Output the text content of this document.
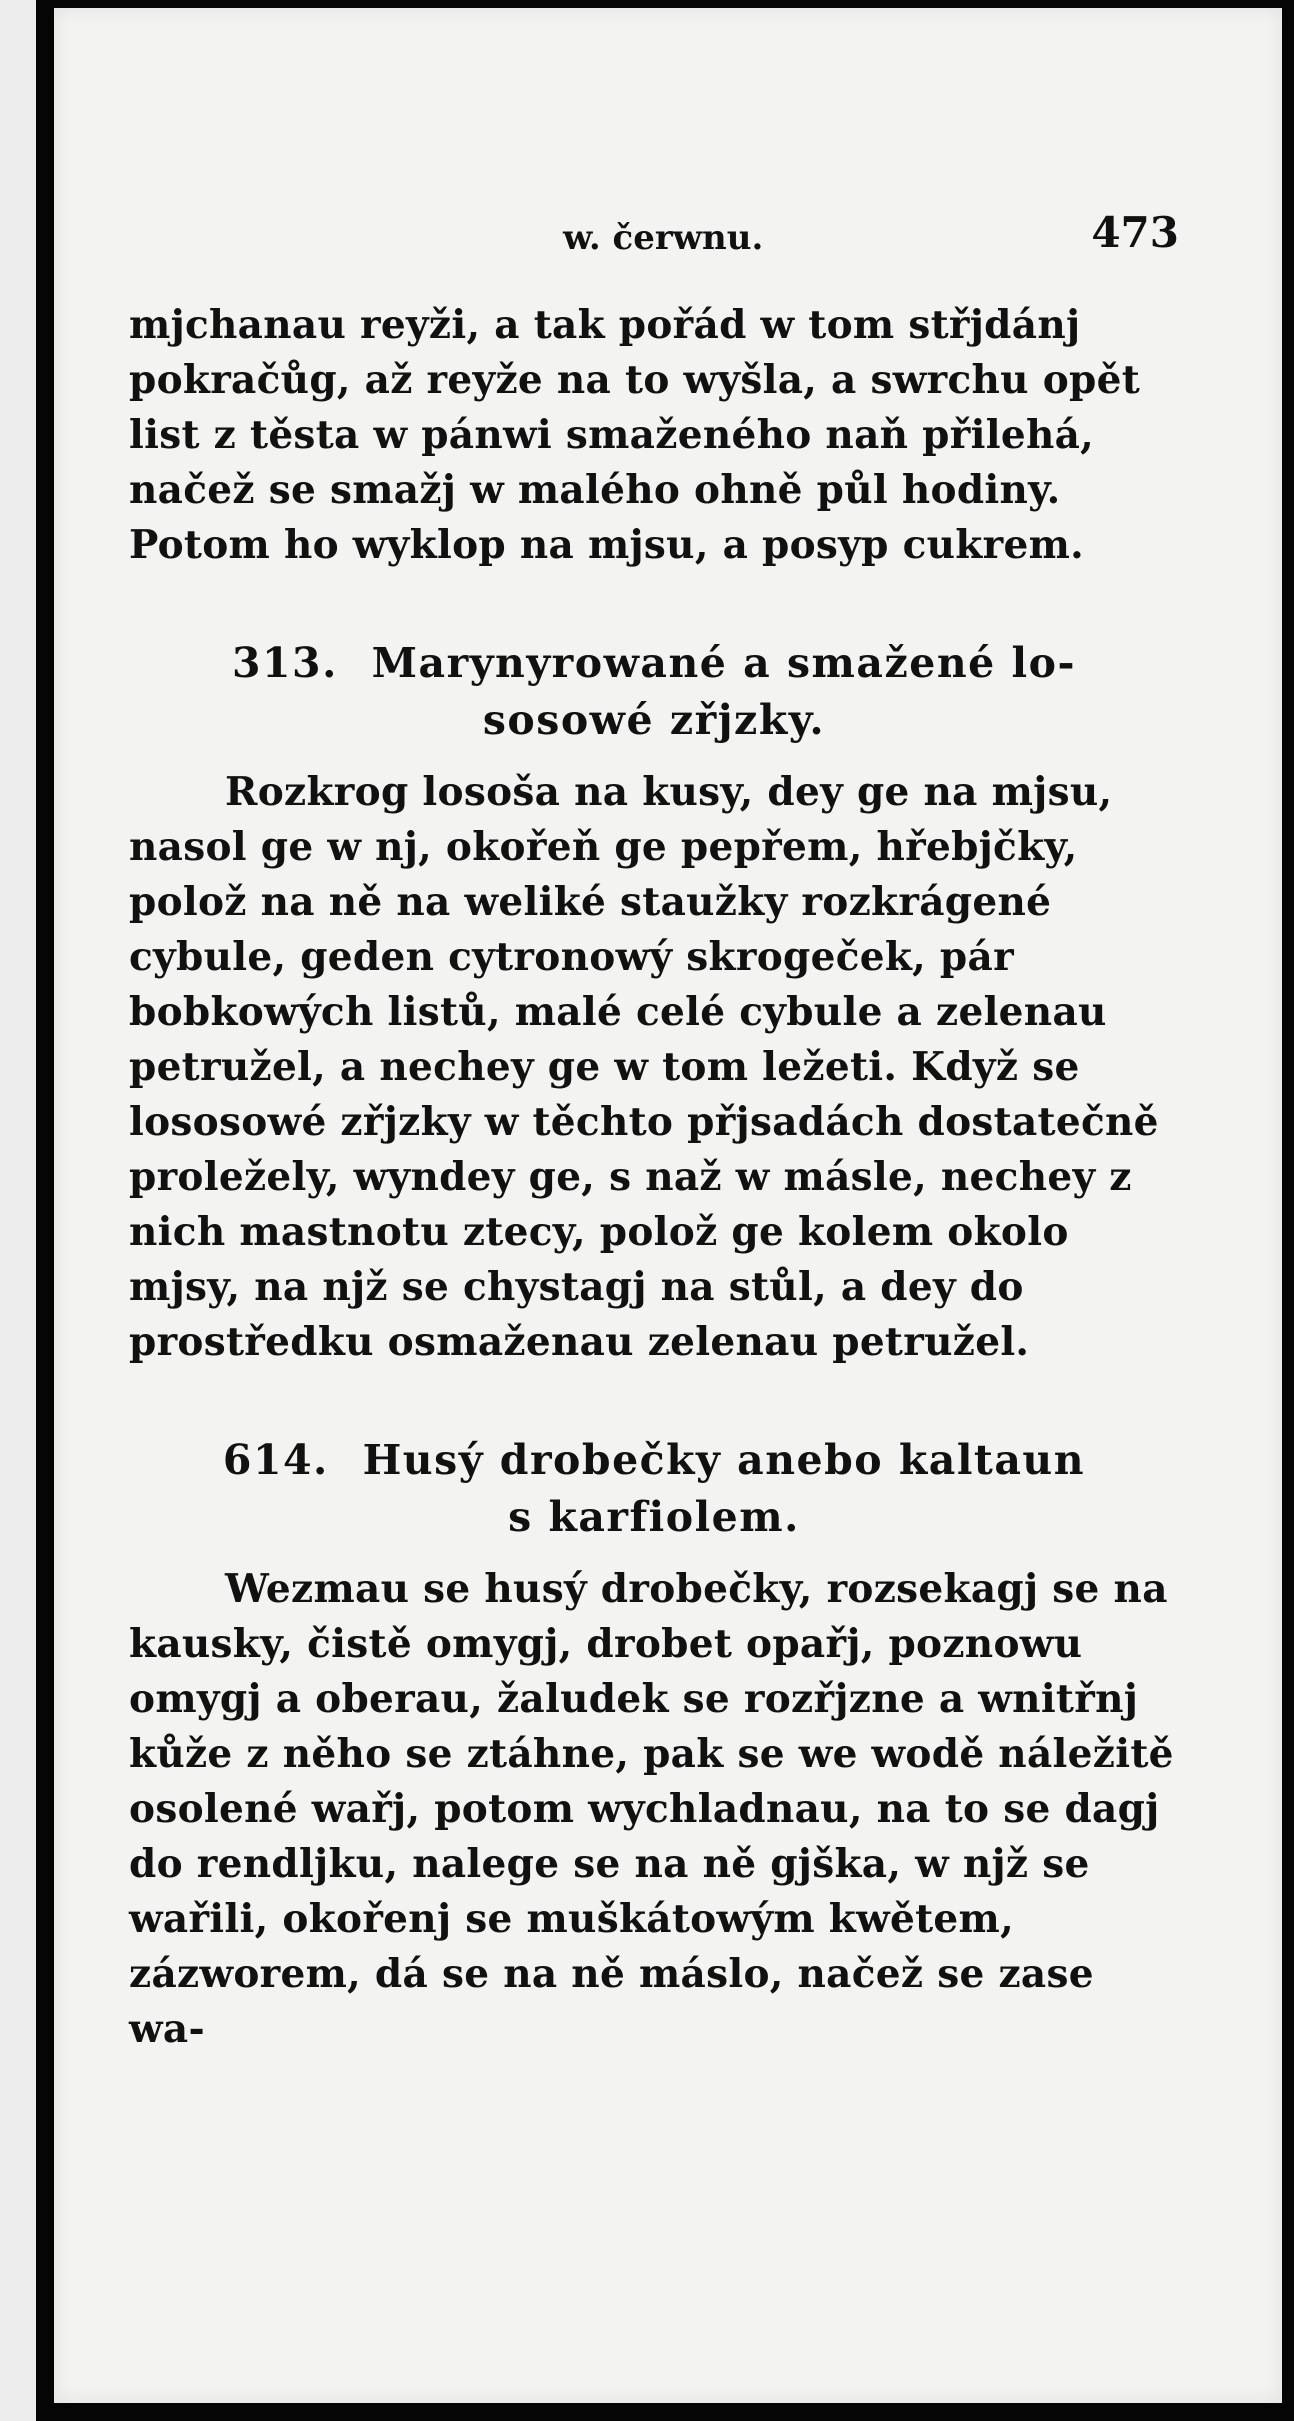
w. čerwnu.	473

mjchanau reyži, a tak pořád w tom střjdánj pokračůg, až reyže na to wyšla, a swrchu opět list z těsta w pánwi smaženého naň přilehá, načež se smažj w malého ohně půl hodiny. Potom ho wyklop na mjsu, a posyp cukrem.

313. Marynyrowané a smažené lo-
sosowé zřjzky.

Rozkrog losoša na kusy, dey ge na mjsu, nasol ge w nj, okořeň ge pepřem, hřebjčky, polož na ně na weliké staužky rozkrágené cybule, geden cytronowý skrogeček, pár bobkowých listů, malé celé cybule a zelenau petružel, a nechey ge w tom ležeti. Když se lososowé zřjzky w těchto přjsadách dostatečně proležely, wyndey ge, s naž w másle, nechey z nich mastnotu ztecy, polož ge kolem okolo mjsy, na njž se chystagj na stůl, a dey do prostředku osmaženau zelenau petružel.

614. Husý drobečky anebo kaltaun
s karfiolem.

Wezmau se husý drobečky, rozsekagj se na kausky, čistě omygj, drobet opařj, poznowu omygj a oberau, žaludek se rozřjzne a wnitřnj kůže z něho se ztáhne, pak se we wodě náležitě osolené wařj, potom wychladnau, na to se dagj do rendljku, nalege se na ně gjška, w njž se wařili, okořenj se muškátowým kwětem, zázworem, dá se na ně máslo, načež se zase wa-
